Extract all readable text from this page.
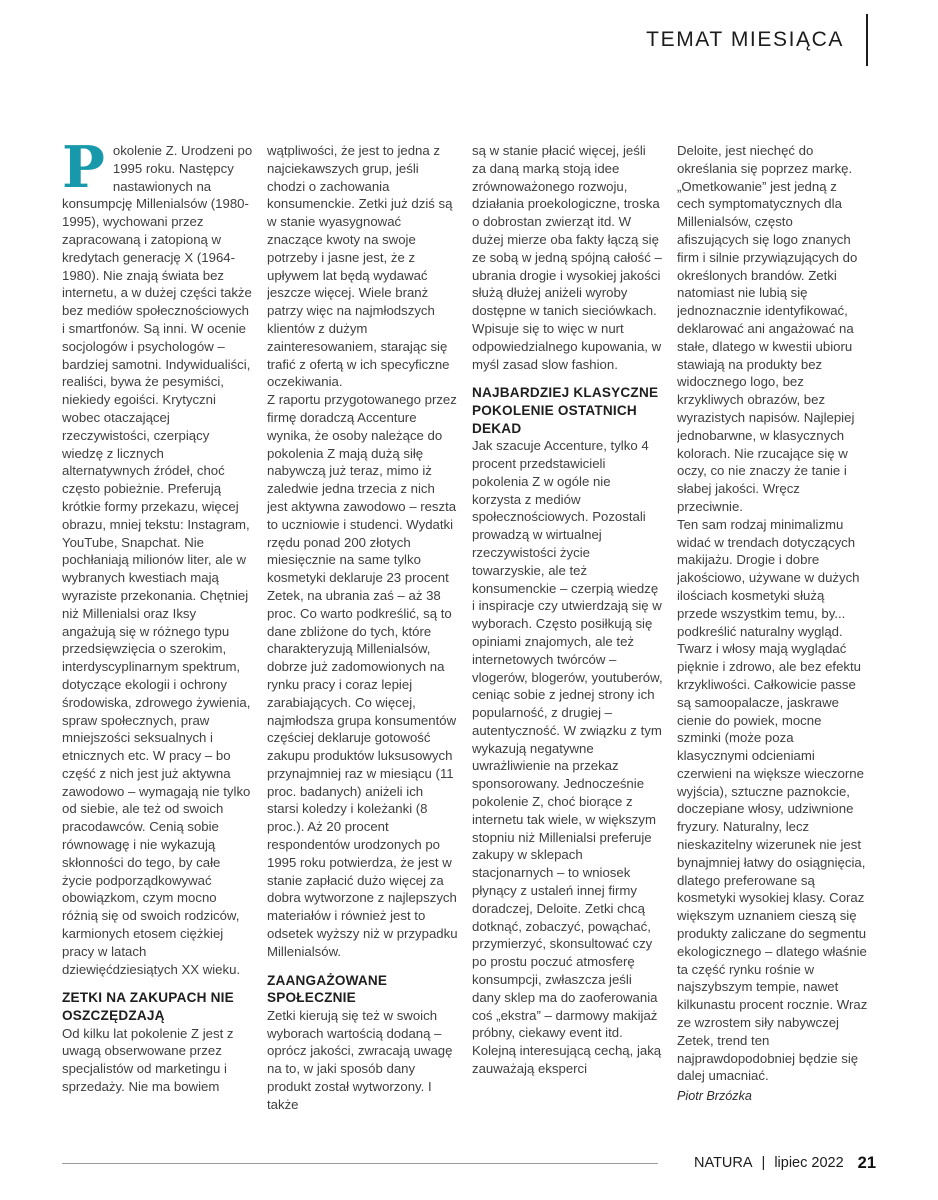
TEMAT MIESIĄCA

Pokolenie Z. Urodzeni po 1995 roku. Następcy nastawionych na konsumpcję Millenialsów (1980-1995), wychowani przez zapracowaną i zatopioną w kredytach generację X (1964-1980). Nie znają świata bez internetu, a w dużej części także bez mediów społecznościowych i smartfonów. Są inni. W ocenie socjologów i psychologów – bardziej samotni. Indywidualiści, realiści, bywa że pesymiści, niekiedy egoiści. Krytyczni wobec otaczającej rzeczywistości, czerpiący wiedzę z licznych alternatywnych źródeł, choć często pobieżnie. Preferują krótkie formy przekazu, więcej obrazu, mniej tekstu: Instagram, YouTube, Snapchat. Nie pochłaniają milionów liter, ale w wybranych kwestiach mają wyraziste przekonania. Chętniej niż Millenialsi oraz Iksy angażują się w różnego typu przedsięwzięcia o szerokim, interdyscyplinarnym spektrum, dotyczące ekologii i ochrony środowiska, zdrowego żywienia, spraw społecznych, praw mniejszości seksualnych i etnicznych etc. W pracy – bo część z nich jest już aktywna zawodowo – wymagają nie tylko od siebie, ale też od swoich pracodawców. Cenią sobie równowagę i nie wykazują skłonności do tego, by całe życie podporządkowywać obowiązkom, czym mocno różnią się od swoich rodziców, karmionych etosem ciężkiej pracy w latach dziewięćdziesiątych XX wieku.

ZETKI NA ZAKUPACH NIE OSZCZĘDZAJĄ

Od kilku lat pokolenie Z jest z uwagą obserwowane przez specjalistów od marketingu i sprzedaży. Nie ma bowiem

wątpliwości, że jest to jedna z najciekawszych grup, jeśli chodzi o zachowania konsumenckie. Zetki już dziś są w stanie wyasygnować znaczące kwoty na swoje potrzeby i jasne jest, że z upływem lat będą wydawać jeszcze więcej. Wiele branż patrzy więc na najmłodszych klientów z dużym zainteresowaniem, starając się trafić z ofertą w ich specyficzne oczekiwania.

Z raportu przygotowanego przez firmę doradczą Accenture wynika, że osoby należące do pokolenia Z mają dużą siłę nabywczą już teraz, mimo iż zaledwie jedna trzecia z nich jest aktywna zawodowo – reszta to uczniowie i studenci. Wydatki rzędu ponad 200 złotych miesięcznie na same tylko kosmetyki deklaruje 23 procent Zetek, na ubrania zaś – aż 38 proc. Co warto podkreślić, są to dane zbliżone do tych, które charakteryzują Millenialsów, dobrze już zadomowionych na rynku pracy i coraz lepiej zarabiających. Co więcej, najmłodsza grupa konsumentów częściej deklaruje gotowość zakupu produktów luksusowych przynajmniej raz w miesiącu (11 proc. badanych) aniżeli ich starsi koledzy i koleżanki (8 proc.). Aż 20 procent respondentów urodzonych po 1995 roku potwierdza, że jest w stanie zapłacić dużo więcej za dobra wytworzone z najlepszych materiałów i również jest to odsetek wyższy niż w przypadku Millenialsów.

ZAANGAŻOWANE SPOŁECZNIE

Zetki kierują się też w swoich wyborach wartością dodaną – oprócz jakości, zwracają uwagę na to, w jaki sposób dany produkt został wytworzony. I także

są w stanie płacić więcej, jeśli za daną marką stoją idee zrównoważonego rozwoju, działania proekologiczne, troska o dobrostan zwierząt itd. W dużej mierze oba fakty łączą się ze sobą w jedną spójną całość – ubrania drogie i wysokiej jakości służą dłużej aniżeli wyroby dostępne w tanich sieciówkach. Wpisuje się to więc w nurt odpowiedzialnego kupowania, w myśl zasad slow fashion.

NAJBARDZIEJ KLASYCZNE POKOLENIE OSTATNICH DEKAD

Jak szacuje Accenture, tylko 4 procent przedstawicieli pokolenia Z w ogóle nie korzysta z mediów społecznościowych. Pozostali prowadzą w wirtualnej rzeczywistości życie towarzyskie, ale też konsumenckie – czerpią wiedzę i inspiracje czy utwierdzają się w wyborach. Często posiłkują się opiniami znajomych, ale też internetowych twórców – vlogerów, blogerów, youtuberów, ceniąc sobie z jednej strony ich popularność, z drugiej – autentyczność. W związku z tym wykazują negatywne uwrażliwienie na przekaz sponsorowany. Jednocześnie pokolenie Z, choć biorące z internetu tak wiele, w większym stopniu niż Millenialsi preferuje zakupy w sklepach stacjonarnych – to wniosek płynący z ustaleń innej firmy doradczej, Deloite. Zetki chcą dotknąć, zobaczyć, powąchać, przymierzyć, skonsultować czy po prostu poczuć atmosferę konsumpcji, zwłaszcza jeśli dany sklep ma do zaoferowania coś „ekstra” – darmowy makijaż próbny, ciekawy event itd.

Kolejną interesującą cechą, jaką zauważają eksperci

Deloite, jest niechęć do określania się poprzez markę. „Ometkowanie” jest jedną z cech symptomatycznych dla Millenialsów, często afiszujących się logo znanych firm i silnie przywiązujących do określonych brandów. Zetki natomiast nie lubią się jednoznacznie identyfikować, deklarować ani angażować na stałe, dlatego w kwestii ubioru stawiają na produkty bez widocznego logo, bez krzykliwych obrazów, bez wyrazistych napisów. Najlepiej jednobarwne, w klasycznych kolorach. Nie rzucające się w oczy, co nie znaczy że tanie i słabej jakości. Wręcz przeciwnie.

Ten sam rodzaj minimalizmu widać w trendach dotyczących makijażu. Drogie i dobre jakościowo, używane w dużych ilościach kosmetyki służą przede wszystkim temu, by... podkreślić naturalny wygląd. Twarz i włosy mają wyglądać pięknie i zdrowo, ale bez efektu krzykliwości. Całkowicie passe są samoopalacze, jaskrawe cienie do powiek, mocne szminki (może poza klasycznymi odcieniami czerwieni na większe wieczorne wyjścia), sztuczne paznokcie, doczepiane włosy, udziwnione fryzury. Naturalny, lecz nieskazitelny wizerunek nie jest bynajmniej łatwy do osiągnięcia, dlatego preferowane są kosmetyki wysokiej klasy. Coraz większym uznaniem cieszą się produkty zaliczane do segmentu ekologicznego – dlatego właśnie ta część rynku rośnie w najszybszym tempie, nawet kilkunastu procent rocznie. Wraz ze wzrostem siły nabywczej Zetek, trend ten najprawdopodobniej będzie się dalej umacniać.

Piotr Brzózka

NATURA | lipiec 2022 21
